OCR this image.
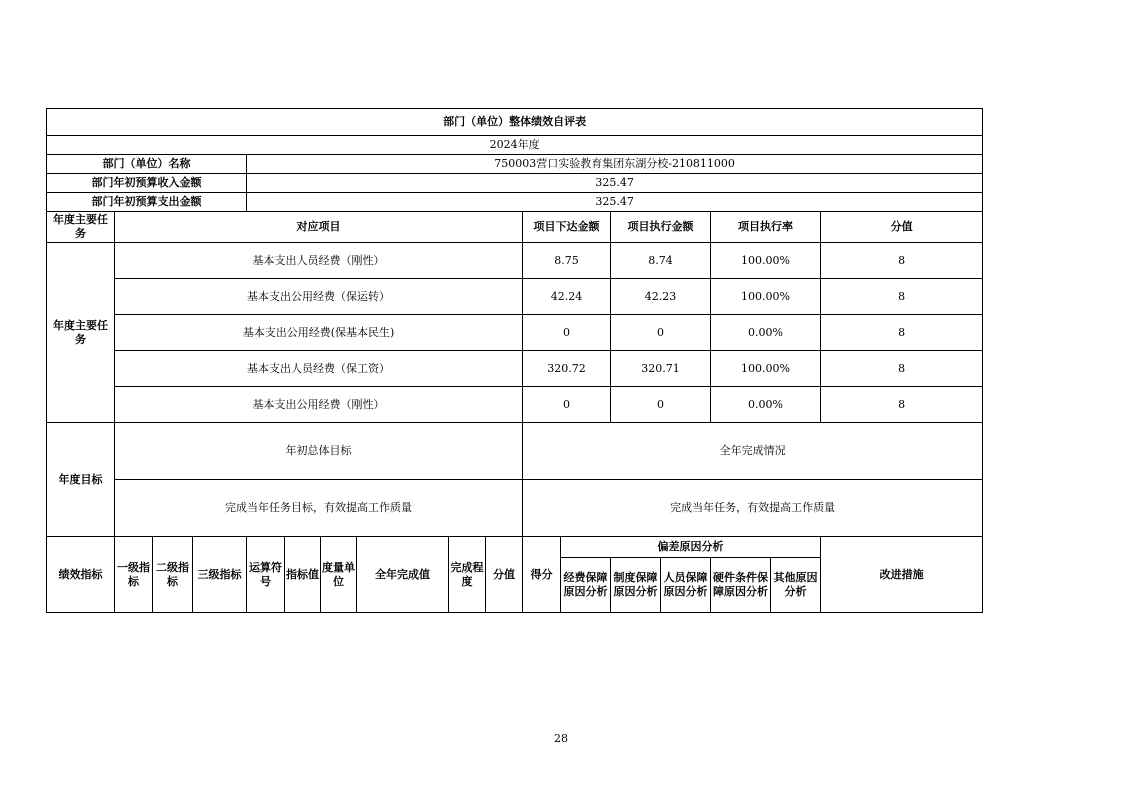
部门（单位）整体绩效自评表																	
2024年度																	
部门（单位）名称				750003营口实验教育集团东湖分校-210811000													
部门年初预算收入金额				325.47													
部门年初预算支出金额				325.47													
年度主要任务	对应项目									项目下达金额		项目执行金额		项目执行率		分值	
年度主要任务	基本支出人员经费（刚性）									8.75		8.74		100.00%		8	
	基本支出公用经费（保运转）									42.24		42.23		100.00%		8	
	基本支出公用经费(保基本民生)									0		0		0.00%		8	
	基本支出人员经费（保工资）									320.72		320.71		100.00%		8	
	基本支出公用经费（刚性）									0		0		0.00%		8	
年度目标	年初总体目标									全年完成情况							
	完成当年任务目标，有效提高工作质量									完成当年任务，有效提高工作质量							
绩效指标	一级指标	二级指标	三级指标	运算符号	指标值	度量单位	全年完成值	完成程度	分值	得分	偏差原因分析					改进措施	
											经费保障原因分析	制度保障原因分析	人员保障原因分析	硬件条件保障原因分析	其他原因分析		
28
